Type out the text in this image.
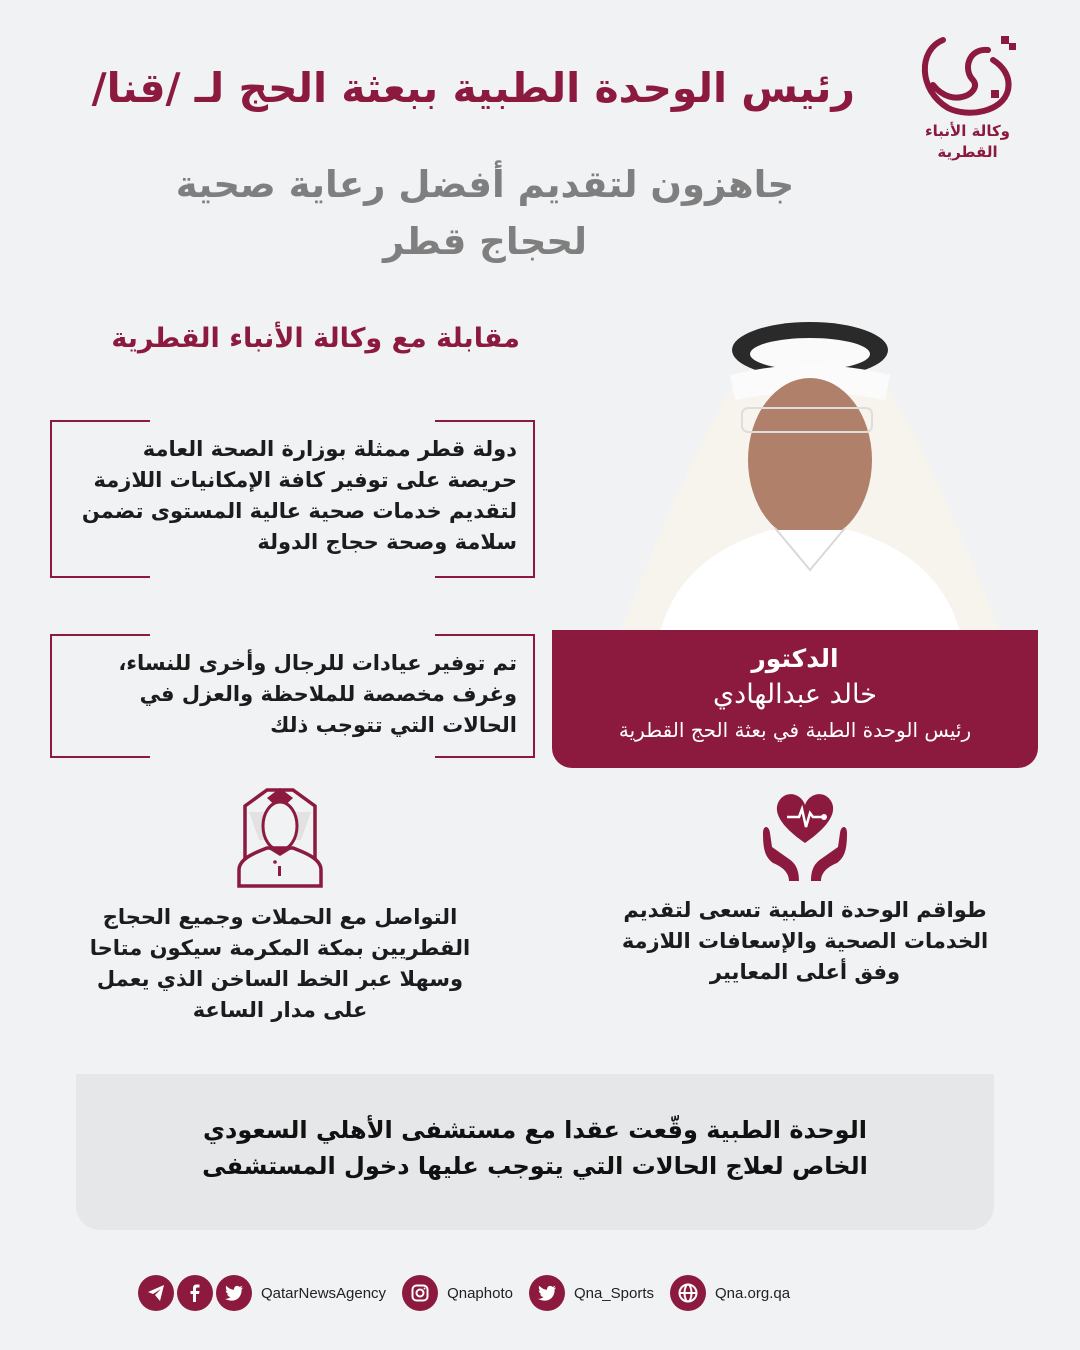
وكالة الأنباء
القطرية
رئيس الوحدة الطبية ببعثة الحج لـ /قنا/
جاهزون لتقديم أفضل رعاية صحية لحجاج قطر
مقابلة مع وكالة الأنباء القطرية
دولة قطر ممثلة بوزارة الصحة العامة حريصة على توفير كافة الإمكانيات اللازمة لتقديم خدمات صحية عالية المستوى تضمن سلامة وصحة حجاج الدولة
تم توفير عيادات للرجال وأخرى للنساء، وغرف مخصصة للملاحظة والعزل في الحالات التي تتوجب ذلك
الدكتور
خالد عبدالهادي
رئيس الوحدة الطبية في بعثة الحج القطرية
طواقم الوحدة الطبية تسعى لتقديم الخدمات الصحية والإسعافات اللازمة وفق أعلى المعايير
التواصل مع الحملات وجميع الحجاج القطريين بمكة المكرمة سيكون متاحا وسهلا عبر الخط الساخن الذي يعمل على مدار الساعة
الوحدة الطبية وقّعت عقدا مع مستشفى الأهلي السعودي
الخاص لعلاج الحالات التي يتوجب عليها دخول المستشفى
QatarNewsAgency	Qnaphoto	Qna_Sports	Qna.org.qa
